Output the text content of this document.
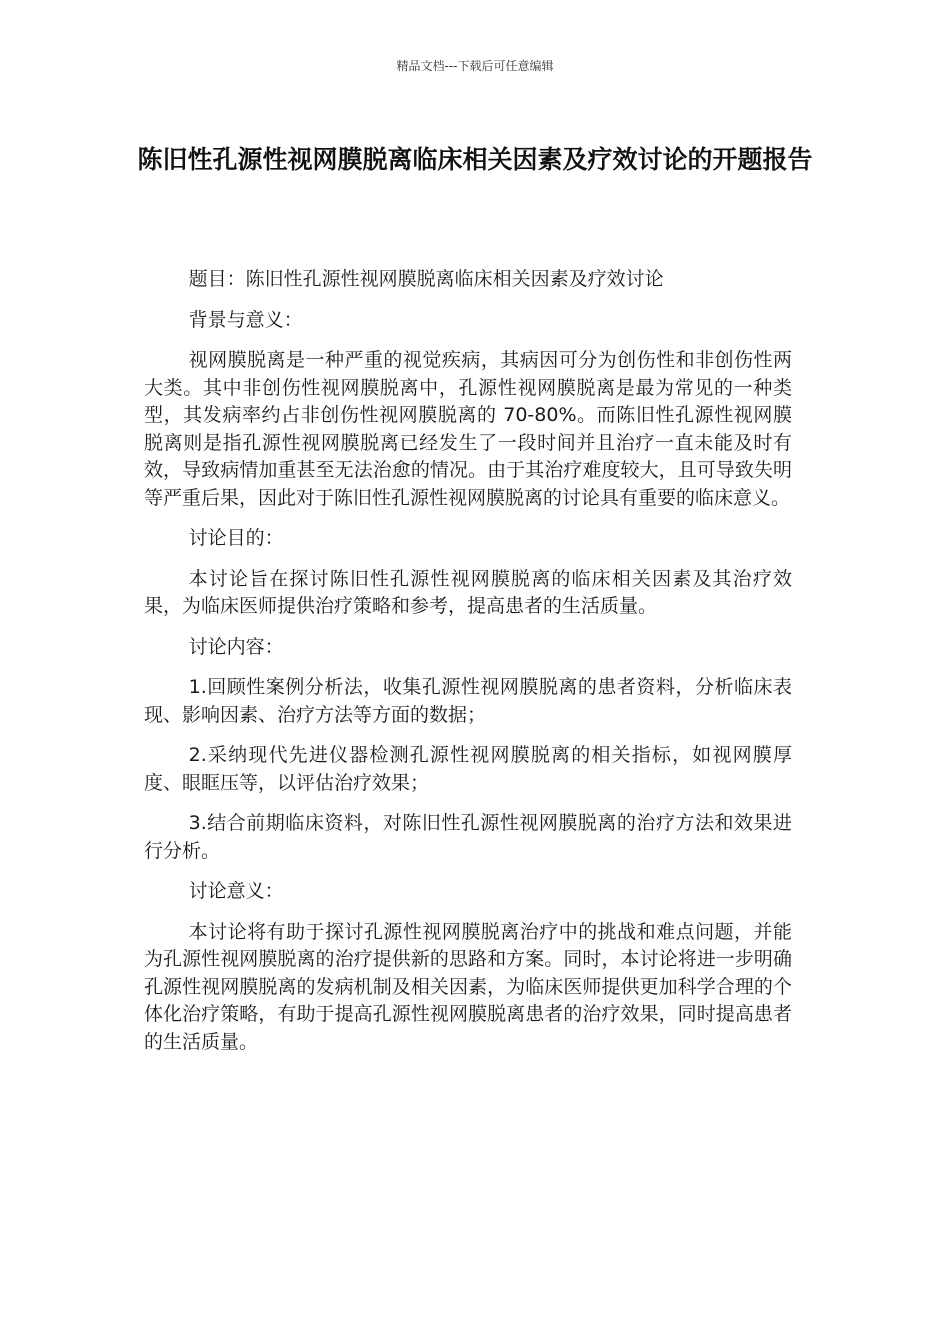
精品文档---下载后可任意编辑
陈旧性孔源性视网膜脱离临床相关因素及疗效讨论的开题报告

题目：陈旧性孔源性视网膜脱离临床相关因素及疗效讨论

背景与意义：

视网膜脱离是一种严重的视觉疾病，其病因可分为创伤性和非创伤性两大类。其中非创伤性视网膜脱离中，孔源性视网膜脱离是最为常见的一种类型，其发病率约占非创伤性视网膜脱离的 70-80%。而陈旧性孔源性视网膜脱离则是指孔源性视网膜脱离已经发生了一段时间并且治疗一直未能及时有效，导致病情加重甚至无法治愈的情况。由于其治疗难度较大，且可导致失明等严重后果，因此对于陈旧性孔源性视网膜脱离的讨论具有重要的临床意义。

讨论目的：

本讨论旨在探讨陈旧性孔源性视网膜脱离的临床相关因素及其治疗效果，为临床医师提供治疗策略和参考，提高患者的生活质量。

讨论内容：

1.回顾性案例分析法，收集孔源性视网膜脱离的患者资料，分析临床表现、影响因素、治疗方法等方面的数据；

2.采纳现代先进仪器检测孔源性视网膜脱离的相关指标，如视网膜厚度、眼眶压等，以评估治疗效果；

3.结合前期临床资料，对陈旧性孔源性视网膜脱离的治疗方法和效果进行分析。

讨论意义：

本讨论将有助于探讨孔源性视网膜脱离治疗中的挑战和难点问题，并能为孔源性视网膜脱离的治疗提供新的思路和方案。同时，本讨论将进一步明确孔源性视网膜脱离的发病机制及相关因素，为临床医师提供更加科学合理的个体化治疗策略，有助于提高孔源性视网膜脱离患者的治疗效果，同时提高患者的生活质量。
